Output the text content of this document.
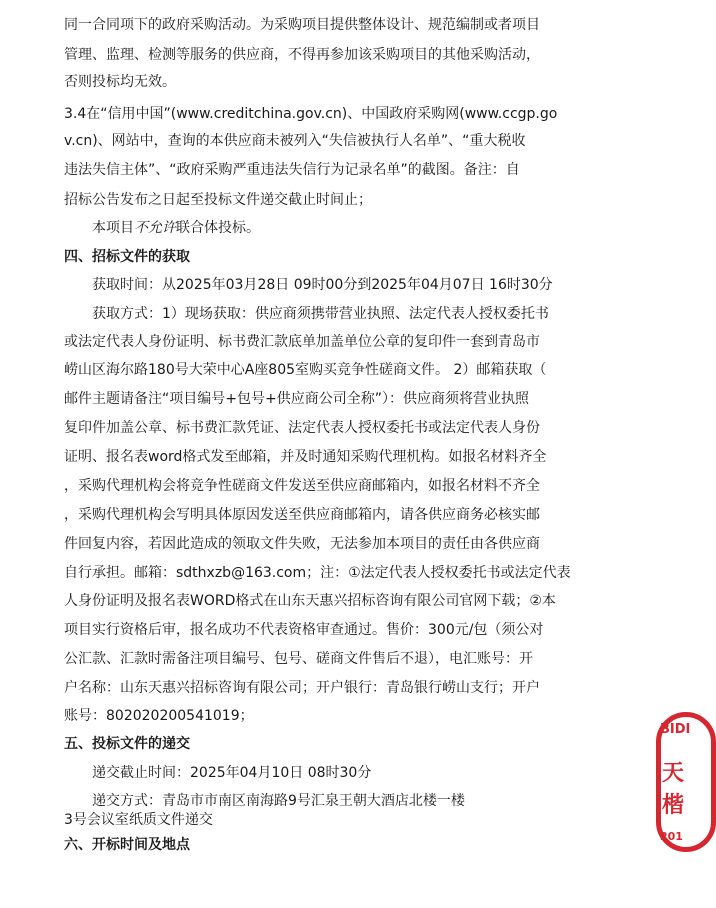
同一合同项下的政府采购活动。为采购项目提供整体设计、规范编制或者项目
管理、监理、检测等服务的供应商，不得再参加该采购项目的其他采购活动，
否则投标均无效。
3.4在“信用中国”(www.creditchina.gov.cn)、中国政府采购网(www.ccgp.go
v.cn)、网站中，查询的本供应商未被列入“失信被执行人名单”、“重大税收
违法失信主体”、“政府采购严重违法失信行为记录名单”的截图。备注：自
招标公告发布之日起至投标文件递交截止时间止；
本项目不允许联合体投标。
四、招标文件的获取
获取时间：从2025年03月28日 09时00分到2025年04月07日 16时30分
获取方式：1）现场获取：供应商须携带营业执照、法定代表人授权委托书
或法定代表人身份证明、标书费汇款底单加盖单位公章的复印件一套到青岛市
崂山区海尔路180号大荣中心A座805室购买竞争性磋商文件。 2）邮箱获取（
邮件主题请备注“项目编号+包号+供应商公司全称”）：供应商须将营业执照
复印件加盖公章、标书费汇款凭证、法定代表人授权委托书或法定代表人身份
证明、报名表word格式发至邮箱，并及时通知采购代理机构。如报名材料齐全
，采购代理机构会将竞争性磋商文件发送至供应商邮箱内，如报名材料不齐全
，采购代理机构会写明具体原因发送至供应商邮箱内，请各供应商务必核实邮
件回复内容，若因此造成的领取文件失败，无法参加本项目的责任由各供应商
自行承担。邮箱：sdthxzb@163.com；注：①法定代表人授权委托书或法定代表
人身份证明及报名表WORD格式在山东天惠兴招标咨询有限公司官网下载；②本
项目实行资格后审，报名成功不代表资格审查通过。售价：300元/包（须公对
公汇款、汇款时需备注项目编号、包号、磋商文件售后不退），电汇账号：开
户名称：山东天惠兴招标咨询有限公司；开户银行：青岛银行崂山支行；开户
账号：802020200541019；
五、投标文件的递交
递交截止时间：2025年04月10日 08时30分
递交方式：青岛市市南区南海路9号汇泉王朝大酒店北楼一楼
3号会议室纸质文件递交
六、开标时间及地点
BIDI
天
楷
201
